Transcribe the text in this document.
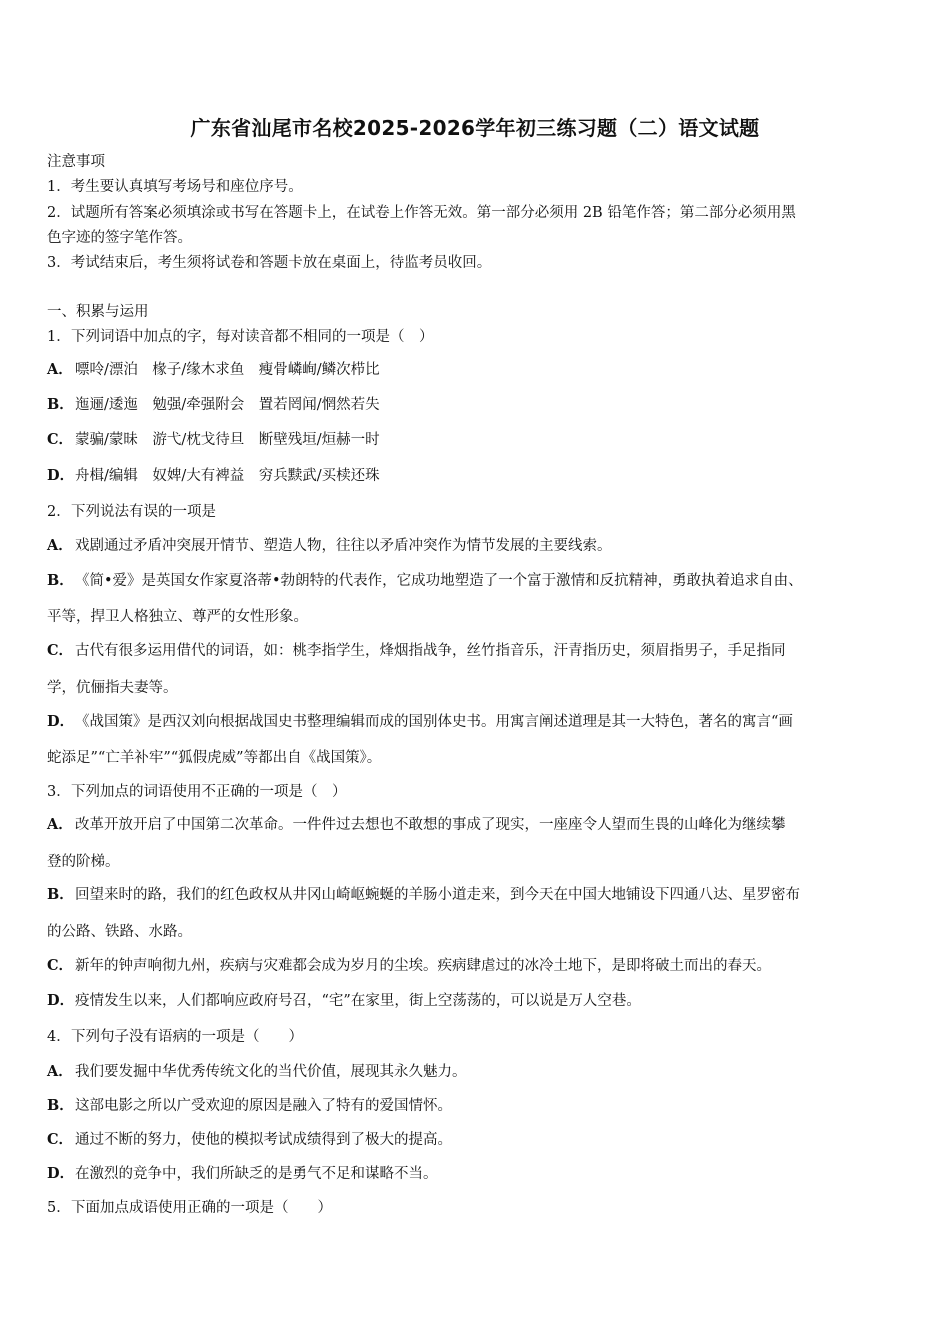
广东省汕尾市名校2025-2026学年初三练习题（二）语文试题
注意事项
1．考生要认真填写考场号和座位序号。
2．试题所有答案必须填涂或书写在答题卡上，在试卷上作答无效。第一部分必须用 2B 铅笔作答；第二部分必须用黑
色字迹的签字笔作答。
3．考试结束后，考生须将试卷和答题卡放在桌面上，待监考员收回。
一、积累与运用
1．下列词语中加点的字，每对读音都不相同的一项是（　）
A． 嘌呤/漂泊　椽子/缘木求鱼　瘦骨嶙峋/鳞次栉比
B．迤逦/逶迤　勉强/牵强附会　置若罔闻/惘然若失
C． 蒙骗/蒙昧　游弋/枕戈待旦　断壁残垣/烜赫一时
D．舟楫/编辑　奴婢/大有裨益　穷兵黩武/买椟还珠
2．下列说法有误的一项是
A． 戏剧通过矛盾冲突展开情节、塑造人物，往往以矛盾冲突作为情节发展的主要线索。
B．《简•爱》是英国女作家夏洛蒂•勃朗特的代表作，它成功地塑造了一个富于激情和反抗精神，勇敢执着追求自由、
平等，捍卫人格独立、尊严的女性形象。
C． 古代有很多运用借代的词语，如：桃李指学生，烽烟指战争，丝竹指音乐，汗青指历史，须眉指男子，手足指同
学，伉俪指夫妻等。
D．《战国策》是西汉刘向根据战国史书整理编辑而成的国别体史书。用寓言阐述道理是其一大特色，著名的寓言“画
蛇添足”“亡羊补牢”“狐假虎威”等都出自《战国策》。
3．下列加点的词语使用不正确的一项是（　）
A． 改革开放开启了中国第二次革命。一件件过去想也不敢想的事成了现实，一座座令人望而生畏的山峰化为继续攀
登的阶梯。
B．回望来时的路，我们的红色政权从井冈山崎岖蜿蜒的羊肠小道走来，到今天在中国大地铺设下四通八达、星罗密布
的公路、铁路、水路。
C． 新年的钟声响彻九州，疾病与灾难都会成为岁月的尘埃。疾病肆虐过的冰冷土地下，是即将破土而出的春天。
D．疫情发生以来，人们都响应政府号召，“宅”在家里，街上空荡荡的，可以说是万人空巷。
4．下列句子没有语病的一项是（　　）
A． 我们要发掘中华优秀传统文化的当代价值，展现其永久魅力。
B．这部电影之所以广受欢迎的原因是融入了特有的爱国情怀。
C． 通过不断的努力，使他的模拟考试成绩得到了极大的提高。
D．在激烈的竞争中，我们所缺乏的是勇气不足和谋略不当。
5．下面加点成语使用正确的一项是（　　）
